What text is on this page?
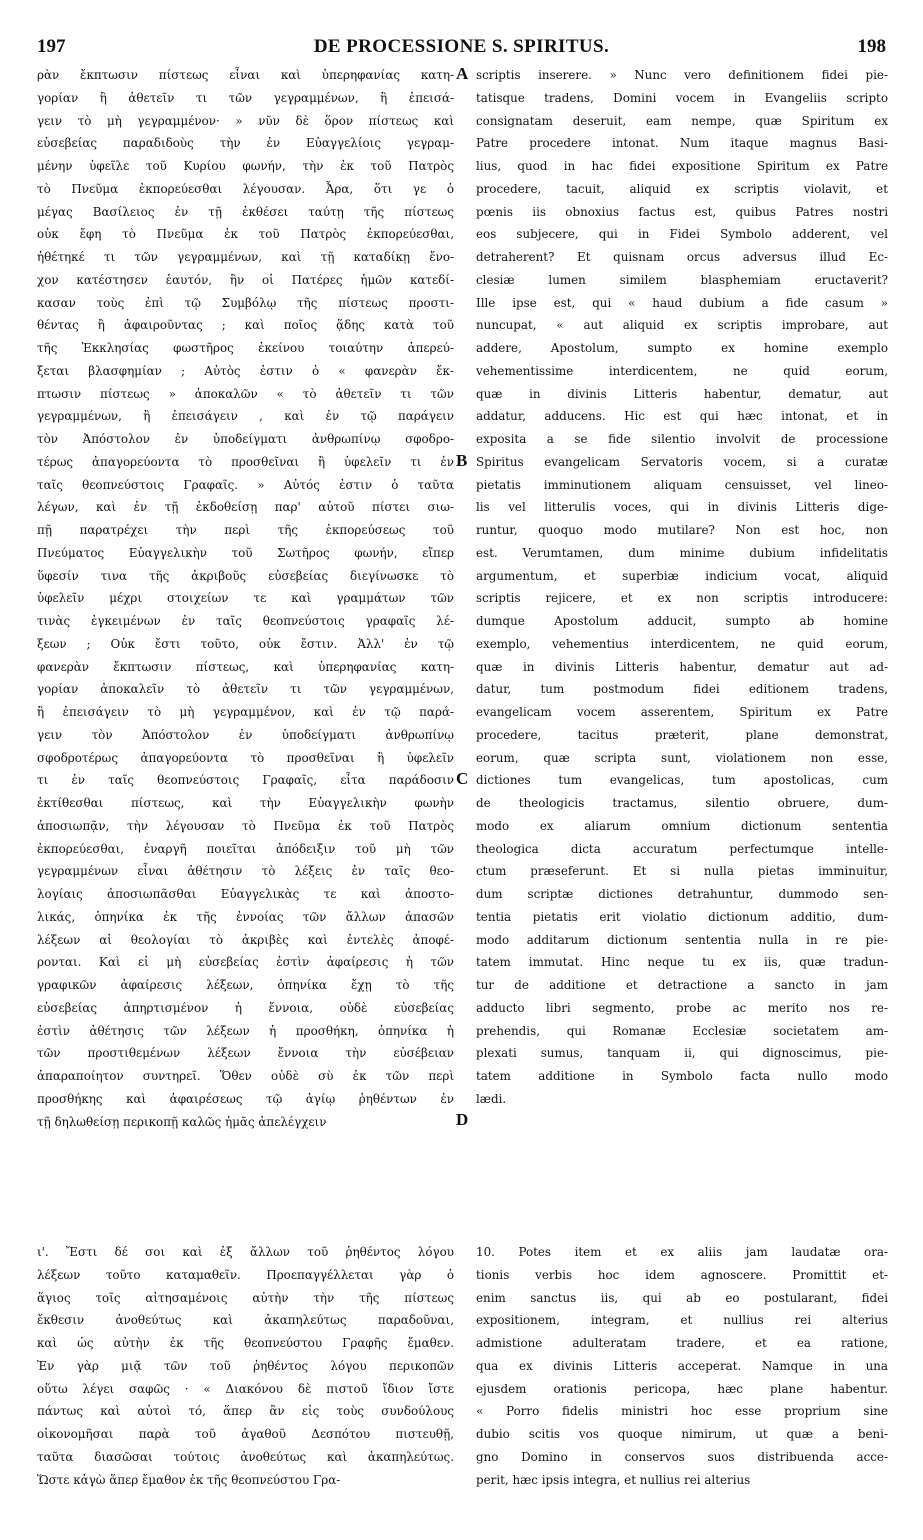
197	DE PROCESSIONE S. SPIRITUS.	198
A
B
C
D
ρὰν ἔκπτωσιν πίστεως εἶναι καὶ ὑπερηφανίας κατη-
γορίαν ἢ ἀθετεῖν τι τῶν γεγραμμένων, ἢ ἐπεισά-
γειν τὸ μὴ γεγραμμένον· » νῦν δὲ ὅρον πίστεως καὶ
εὐσεβείας παραδιδοὺς τὴν ἐν Εὐαγγελίοις γεγραμ-
μένην ὑφεῖλε τοῦ Κυρίου φωνήν, τὴν ἐκ τοῦ Πατρὸς
τὸ Πνεῦμα ἐκπορεύεσθαι λέγουσαν. Ἆρα, ὅτι γε ὁ
μέγας Βασίλειος ἐν τῇ ἐκθέσει ταύτῃ τῆς πίστεως
οὐκ ἔφη τὸ Πνεῦμα ἐκ τοῦ Πατρὸς ἐκπορεύεσθαι,
ἠθέτηκέ τι τῶν γεγραμμένων, καὶ τῇ καταδίκῃ ἔνο-
χον κατέστησεν ἑαυτόν, ἣν οἱ Πατέρες ἡμῶν κατεδί-
κασαν τοὺς ἐπὶ τῷ Συμβόλῳ τῆς πίστεως προστι-
θέντας ἢ ἀφαιροῦντας ; καὶ ποῖος ᾅδης κατὰ τοῦ
τῆς Ἐκκλησίας φωστῆρος ἐκείνου τοιαύτην ἀπερεύ-
ξεται βλασφημίαν ; Αὐτὸς ἐστιν ὁ « φανερὰν ἔκ-
πτωσιν πίστεως » ἀποκαλῶν « τὸ ἀθετεῖν τι τῶν
γεγραμμένων, ἢ ἐπεισάγειν , καὶ ἐν τῷ παράγειν
τὸν Ἀπόστολον ἐν ὑποδείγματι ἀνθρωπίνῳ σφοδρο-
τέρως ἀπαγορεύοντα τὸ προσθεῖναι ἢ ὑφελεῖν τι ἐν
ταῖς θεοπνεύστοις Γραφαῖς. » Αὐτός ἐστιν ὁ ταῦτα
λέγων, καὶ ἐν τῇ ἐκδοθείσῃ παρ' αὐτοῦ πίστει σιω-
πῇ παρατρέχει τὴν περὶ τῆς ἐκπορεύσεως τοῦ
Πνεύματος Εὐαγγελικὴν τοῦ Σωτῆρος φωνήν, εἴπερ
ὕφεσίν τινα τῆς ἀκριβοῦς εὐσεβείας διεγίνωσκε τὸ
ὑφελεῖν μέχρι στοιχείων τε καὶ γραμμάτων τῶν
τινὰς ἐγκειμένων ἐν ταῖς θεοπνεύστοις γραφαῖς λέ-
ξεων ; Οὐκ ἔστι τοῦτο, οὐκ ἔστιν. Ἀλλ' ἐν τῷ
φανερὰν ἔκπτωσιν πίστεως, καὶ ὑπερηφανίας κατη-
γορίαν ἀποκαλεῖν τὸ ἀθετεῖν τι τῶν γεγραμμένων,
ἢ ἐπεισάγειν τὸ μὴ γεγραμμένον, καὶ ἐν τῷ παρά-
γειν τὸν Ἀπόστολον ἐν ὑποδείγματι ἀνθρωπίνῳ
σφοδροτέρως ἀπαγορεύοντα τὸ προσθεῖναι ἢ ὑφελεῖν
τι ἐν ταῖς θεοπνεύστοις Γραφαῖς, εἶτα παράδοσιν
ἐκτίθεσθαι πίστεως, καὶ τὴν Εὐαγγελικὴν φωνὴν
ἀποσιωπᾷν, τὴν λέγουσαν τὸ Πνεῦμα ἐκ τοῦ Πατρὸς
ἐκπορεύεσθαι, ἐναργῆ ποιεῖται ἀπόδειξιν τοῦ μὴ τῶν
γεγραμμένων εἶναι ἀθέτησιν τὸ λέξεις ἐν ταῖς θεο-
λογίαις ἀποσιωπᾶσθαι Εὐαγγελικὰς τε καὶ ἀποστο-
λικάς, ὁπηνίκα ἐκ τῆς ἐννοίας τῶν ἄλλων ἁπασῶν
λέξεων αἱ θεολογίαι τὸ ἀκριβὲς καὶ ἐντελὲς ἀποφέ-
ρονται. Καὶ εἰ μὴ εὐσεβείας ἐστὶν ἀφαίρεσις ἡ τῶν
γραφικῶν ἀφαίρεσις λέξεων, ὁπηνίκα ἔχῃ τὸ τῆς
εὐσεβείας ἀπηρτισμένον ἡ ἔννοια, οὐδὲ εὐσεβείας
ἐστὶν ἀθέτησις τῶν λέξεων ἡ προσθήκη, ὁπηνίκα ἡ
τῶν προστιθεμένων λέξεων ἔννοια τὴν εὐσέβειαν
ἀπαραποίητον συντηρεῖ. Ὅθεν οὐδὲ σὺ ἐκ τῶν περὶ
προσθήκης καὶ ἀφαιρέσεως τῷ ἁγίῳ ῥηθέντων ἐν
τῇ δηλωθείσῃ περικοπῇ καλῶς ἡμᾶς ἀπελέγχειν
scriptis inserere. » Nunc vero definitionem fidei pie-
tatisque tradens, Domini vocem in Evangeliis scripto
consignatam deseruit, eam nempe, quæ Spiritum ex
Patre procedere intonat. Num itaque magnus Basi-
lius, quod in hac fidei expositione Spiritum ex Patre
procedere, tacuit, aliquid ex scriptis violavit, et
pœnis iis obnoxius factus est, quibus Patres nostri
eos subjecere, qui in Fidei Symbolo adderent, vel
detraherent? Et quisnam orcus adversus illud Ec-
clesiæ lumen similem blasphemiam eructaverit?
Ille ipse est, qui « haud dubium a fide casum »
nuncupat, « aut aliquid ex scriptis improbare, aut
addere, Apostolum, sumpto ex homine exemplo
vehementissime interdicentem, ne quid eorum,
quæ in divinis Litteris habentur, dematur, aut
addatur, adducens. Hic est qui hæc intonat, et in
exposita a se fide silentio involvit de processione
Spiritus evangelicam Servatoris vocem, si a curatæ
pietatis imminutionem aliquam censuisset, vel lineo-
lis vel litterulis voces, qui in divinis Litteris dige-
runtur, quoquo modo mutilare? Non est hoc, non
est. Verumtamen, dum minime dubium infidelitatis
argumentum, et superbiæ indicium vocat, aliquid
scriptis rejicere, et ex non scriptis introducere:
dumque Apostolum adducit, sumpto ab homine
exemplo, vehementius interdicentem, ne quid eorum,
quæ in divinis Litteris habentur, dematur aut ad-
datur, tum postmodum fidei editionem tradens,
evangelicam vocem asserentem, Spiritum ex Patre
procedere, tacitus præterit, plane demonstrat,
eorum, quæ scripta sunt, violationem non esse,
dictiones tum evangelicas, tum apostolicas, cum
de theologicis tractamus, silentio obruere, dum-
modo ex aliarum omnium dictionum sententia
theologica dicta accuratum perfectumque intelle-
ctum præseferunt. Et si nulla pietas imminuitur,
dum scriptæ dictiones detrahuntur, dummodo sen-
tentia pietatis erit violatio dictionum additio, dum-
modo additarum dictionum sententia nulla in re pie-
tatem immutat. Hinc neque tu ex iis, quæ tradun-
tur de additione et detractione a sancto in jam
adducto libri segmento, probe ac merito nos re-
prehendis, qui Romanæ Ecclesiæ societatem am-
plexati sumus, tanquam ii, qui dignoscimus, pie-
tatem additione in Symbolo facta nullo modo
lædi.
ι'. Ἔστι δέ σοι καὶ ἐξ ἄλλων τοῦ ῥηθέντος λόγου
λέξεων τοῦτο καταμαθεῖν. Προεπαγγέλλεται γὰρ ὁ
ἅγιος τοῖς αἰτησαμένοις αὐτὴν τὴν τῆς πίστεως
ἔκθεσιν ἀνοθεύτως καὶ ἀκαπηλεύτως παραδοῦναι,
καὶ ὡς αὐτὴν ἐκ τῆς θεοπνεύστου Γραφῆς ἔμαθεν.
Ἐν γὰρ μιᾷ τῶν τοῦ ῥηθέντος λόγου περικοπῶν
οὕτω λέγει σαφῶς · « Διακόνου δὲ πιστοῦ ἴδιον ἴστε
πάντως καὶ αὐτοὶ τό, ἅπερ ἂν εἰς τοὺς συνδούλους
οἰκονομῆσαι παρὰ τοῦ ἀγαθοῦ Δεσπότου πιστευθῇ,
ταῦτα διασῶσαι τούτοις ἀνοθεύτως καὶ ἀκαπηλεύτως.
Ὥστε κἀγὼ ἅπερ ἔμαθον ἐκ τῆς θεοπνεύστου Γρα-
10. Potes item et ex aliis jam laudatæ ora-
tionis verbis hoc idem agnoscere. Promittit et-
enim sanctus iis, qui ab eo postularant, fidei
expositionem, integram, et nullius rei alterius
admistione adulteratam tradere, et ea ratione,
qua ex divinis Litteris acceperat. Namque in una
ejusdem orationis pericopa, hæc plane habentur.
« Porro fidelis ministri hoc esse proprium sine
dubio scitis vos quoque nimirum, ut quæ a beni-
gno Domino in conservos suos distribuenda acce-
perit, hæc ipsis integra, et nullius rei alterius
